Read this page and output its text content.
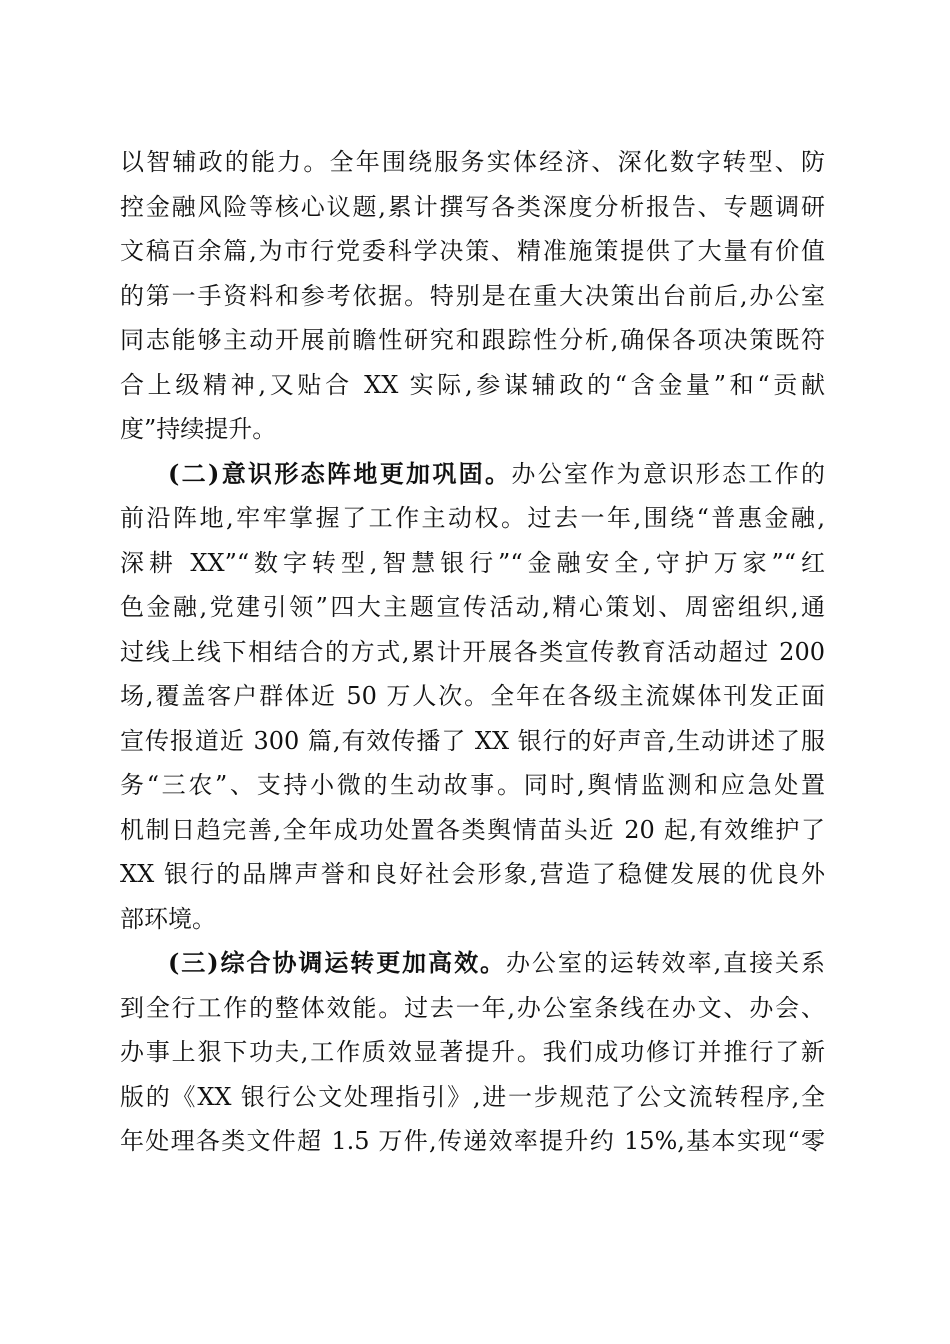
以智辅政的能力。全年围绕服务实体经济、深化数字转型、防
控金融风险等核心议题,累计撰写各类深度分析报告、专题调研
文稿百余篇,为市行党委科学决策、精准施策提供了大量有价值
的第一手资料和参考依据。特别是在重大决策出台前后,办公室
同志能够主动开展前瞻性研究和跟踪性分析,确保各项决策既符
合上级精神,又贴合 XX 实际,参谋辅政的“含金量”和“贡献
度”持续提升。
(二)意识形态阵地更加巩固。办公室作为意识形态工作的
前沿阵地,牢牢掌握了工作主动权。过去一年,围绕“普惠金融,
深耕 XX”“数字转型,智慧银行”“金融安全,守护万家”“红
色金融,党建引领”四大主题宣传活动,精心策划、周密组织,通
过线上线下相结合的方式,累计开展各类宣传教育活动超过 200
场,覆盖客户群体近 50 万人次。全年在各级主流媒体刊发正面
宣传报道近 300 篇,有效传播了 XX 银行的好声音,生动讲述了服
务“三农”、支持小微的生动故事。同时,舆情监测和应急处置
机制日趋完善,全年成功处置各类舆情苗头近 20 起,有效维护了
XX 银行的品牌声誉和良好社会形象,营造了稳健发展的优良外
部环境。
(三)综合协调运转更加高效。办公室的运转效率,直接关系
到全行工作的整体效能。过去一年,办公室条线在办文、办会、
办事上狠下功夫,工作质效显著提升。我们成功修订并推行了新
版的《XX 银行公文处理指引》,进一步规范了公文流转程序,全
年处理各类文件超 1.5 万件,传递效率提升约 15%,基本实现“零
